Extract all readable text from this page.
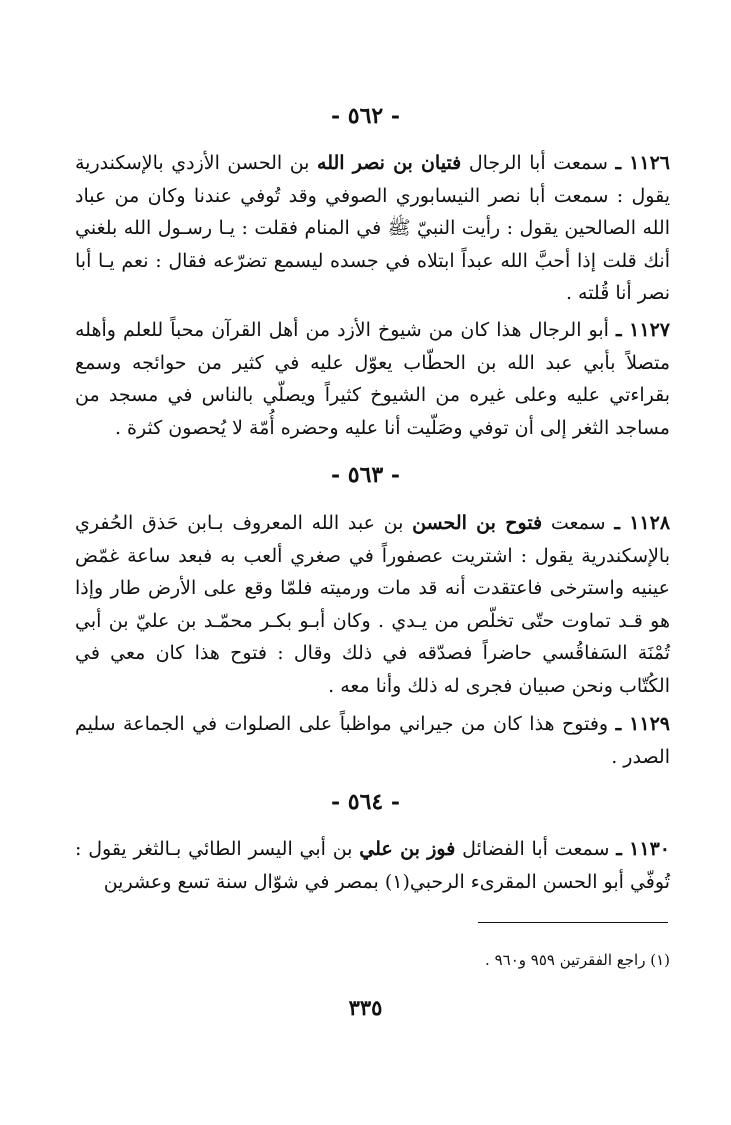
- ٥٦٢ -
١١٢٦ ـ سمعت أبا الرجال فتيان بن نصر الله بن الحسن الأزدي بالإسكندرية يقول : سمعت أبا نصر النيسابوري الصوفي وقد تُوفي عندنا وكان من عباد الله الصالحين يقول : رأيت النبيّ ﷺ في المنام فقلت : يـا رسـول الله بلغني أنك قلت إذا أحبَّ الله عبداً ابتلاه في جسده ليسمع تضرّعه فقال : نعم يـا أبا نصر أنا قُلته .
١١٢٧ ـ أبو الرجال هذا كان من شيوخ الأزد من أهل القرآن محباً للعلم وأهله متصلاً بأبي عبد الله بن الحطّاب يعوّل عليه في كثير من حوائجه وسمع بقراءتي عليه وعلى غيره من الشيوخ كثيراً ويصلّي بالناس في مسجد من مساجد الثغر إلى أن توفي وصَلّيت أنا عليه وحضره أُمّة لا يُحصون كثرة .
- ٥٦٣ -
١١٢٨ ـ سمعت فتوح بن الحسن بن عبد الله المعروف بـابن حَذق الحُفري بالإسكندرية يقول : اشتريت عصفوراً في صغري ألعب به فبعد ساعة غمّض عينيه واسترخى فاعتقدت أنه قد مات ورميته فلمّا وقع على الأرض طار وإذا هو قـد تماوت حتّى تخلّص من يـدي . وكان أبـو بكـر محمّـد بن عليّ بن أبي تُمْنَة السَفاقُسي حاضراً فصدّقه في ذلك وقال : فتوح هذا كان معي في الكُتّاب ونحن صبيان فجرى له ذلك وأنا معه .
١١٢٩ ـ وفتوح هذا كان من جيراني مواظباً على الصلوات في الجماعة سليم الصدر .
- ٥٦٤ -
١١٣٠ ـ سمعت أبا الفضائل فوز بن علي بن أبي اليسر الطائي بـالثغر يقول : تُوفّي أبو الحسن المقرىء الرحبي(١) بمصر في شوّال سنة تسع وعشرين
(١) راجع الفقرتين ٩٥٩ و٩٦٠ .
٣٣٥
